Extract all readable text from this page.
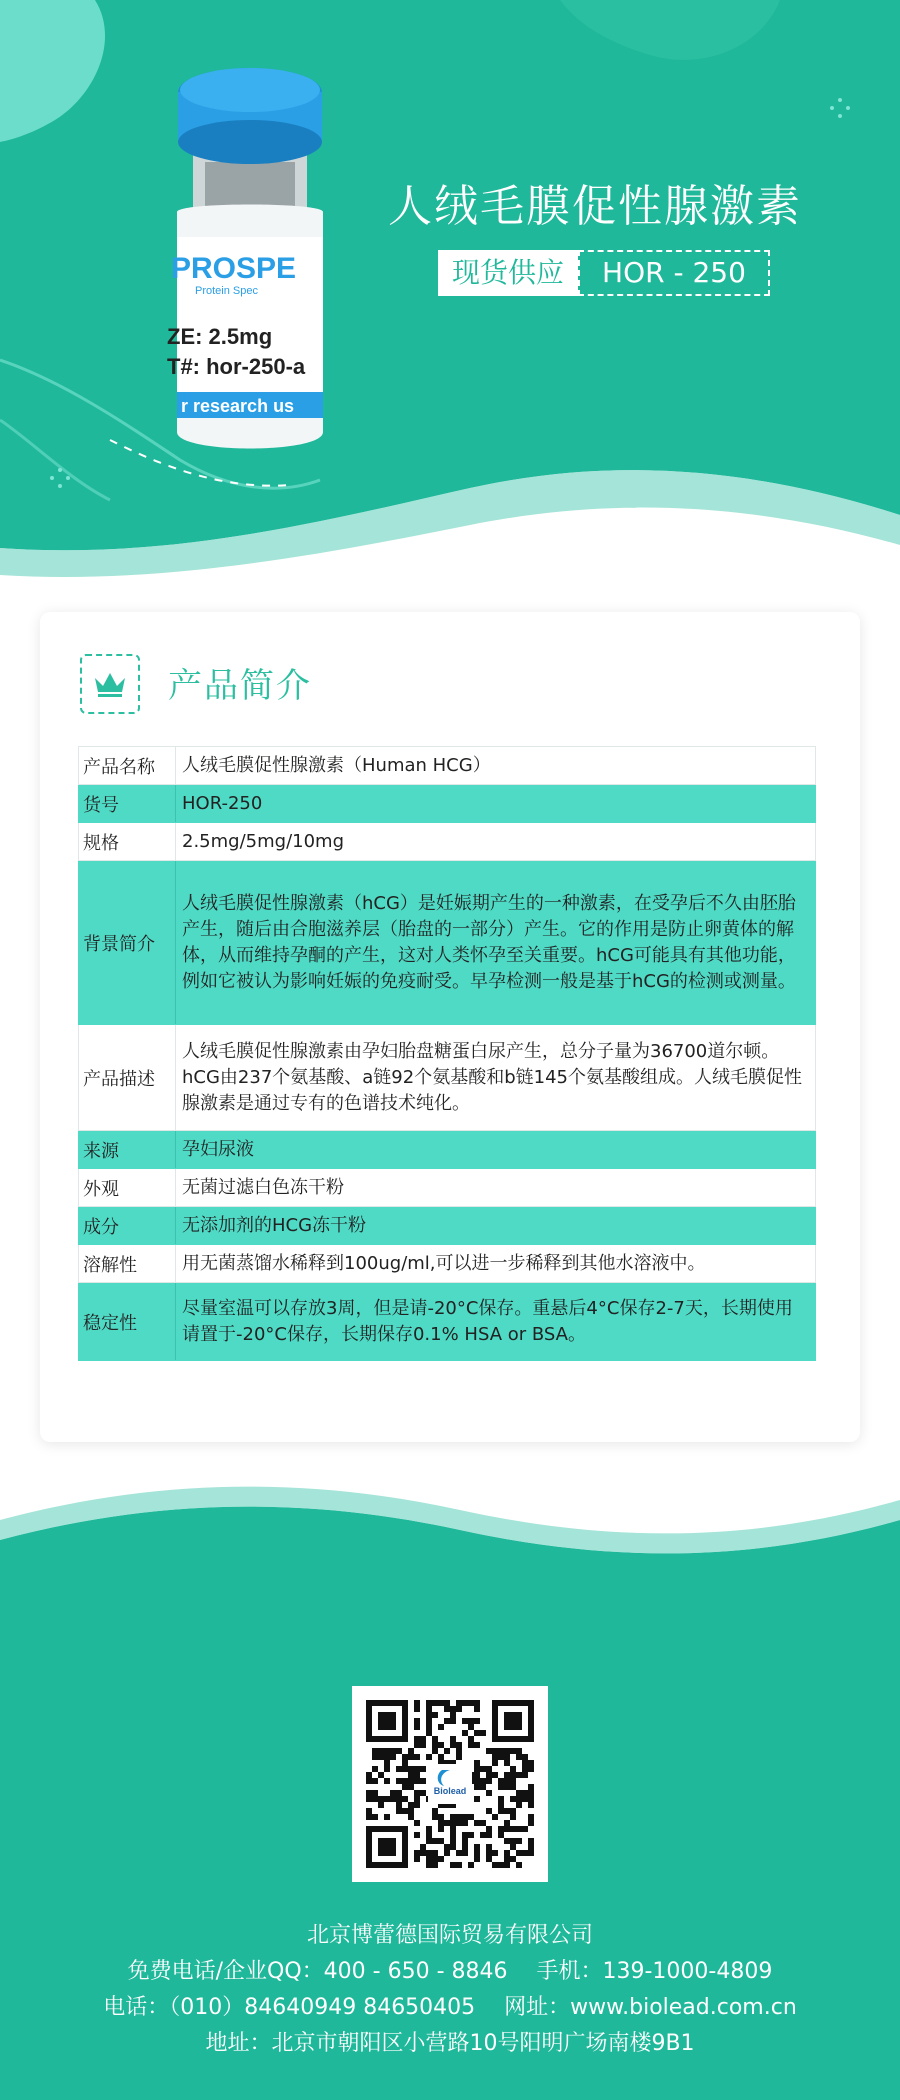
PROSPE
Protein Spec
ZE: 2.5mg
T#: hor-250-a
r research us
人绒毛膜促性腺激素
现货供应	HOR - 250
产品简介
产品名称	人绒毛膜促性腺激素（Human HCG）
货号	HOR-250
规格	2.5mg/5mg/10mg
背景简介	人绒毛膜促性腺激素（hCG）是妊娠期产生的一种激素，在受孕后不久由胚胎产生，随后由合胞滋养层（胎盘的一部分）产生。它的作用是防止卵黄体的解体，从而维持孕酮的产生，这对人类怀孕至关重要。hCG可能具有其他功能，例如它被认为影响妊娠的免疫耐受。早孕检测一般是基于hCG的检测或测量。
产品描述	人绒毛膜促性腺激素由孕妇胎盘糖蛋白尿产生，总分子量为36700道尔顿。hCG由237个氨基酸、a链92个氨基酸和b链145个氨基酸组成。人绒毛膜促性腺激素是通过专有的色谱技术纯化。
来源	孕妇尿液
外观	无菌过滤白色冻干粉
成分	无添加剂的HCG冻干粉
溶解性	用无菌蒸馏水稀释到100ug/ml,可以进一步稀释到其他水溶液中。
稳定性	尽量室温可以存放3周，但是请-20°C保存。重悬后4°C保存2-7天，长期使用请置于-20°C保存，长期保存0.1% HSA or BSA。
Biolead
北京博蕾德国际贸易有限公司
免费电话/企业QQ：400 - 650 - 8846　 手机：139-1000-4809
电话：（010）84640949 84650405　 网址：www.biolead.com.cn
地址：北京市朝阳区小营路10号阳明广场南楼9B1
